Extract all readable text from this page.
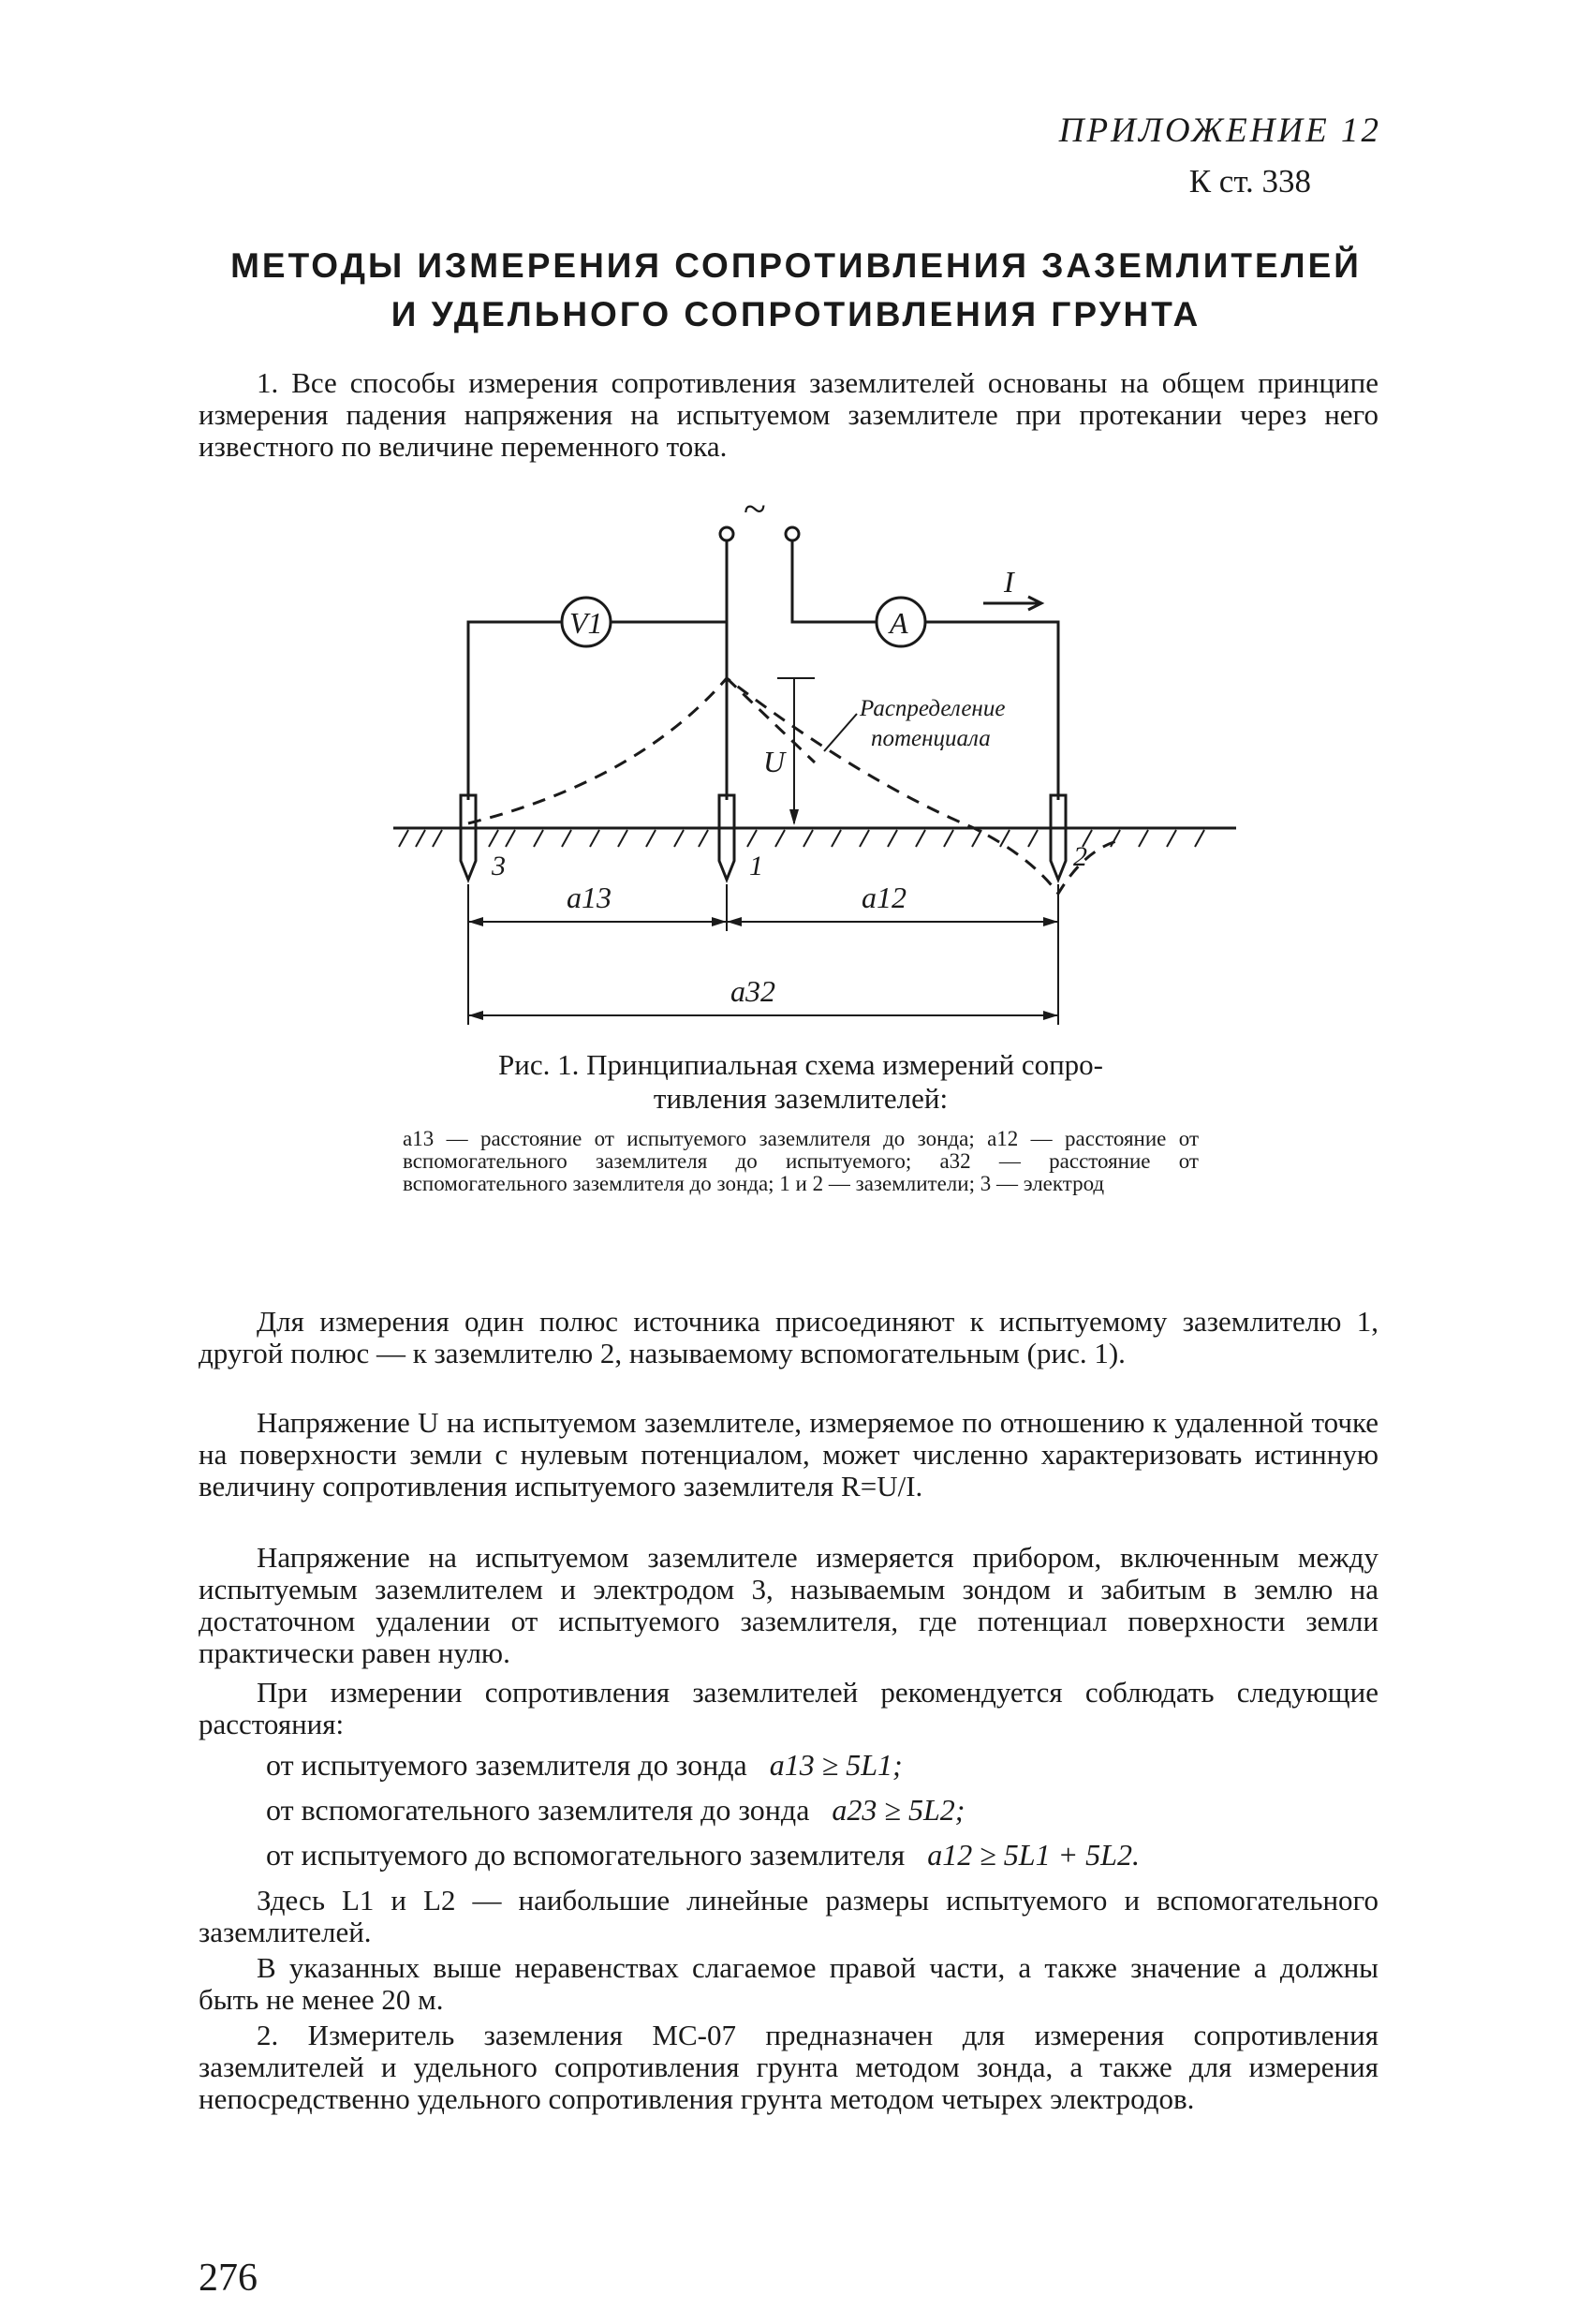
ПРИЛОЖЕНИЕ 12
К ст. 338
МЕТОДЫ ИЗМЕРЕНИЯ СОПРОТИВЛЕНИЯ ЗАЗЕМЛИТЕЛЕЙ
И УДЕЛЬНОГО СОПРОТИВЛЕНИЯ ГРУНТА
1. Все способы измерения сопротивления заземлителей основаны на общем принципе измерения падения напряжения на испытуемом заземлителе при протекании через него известного по величине переменного тока.
~
V1	A
I
U
Распределение
потенциала
3	1	2
a13	a12
a32
Рис. 1. Принципиальная схема измерений сопро-
тивления заземлителей:
a13 — расстояние от испытуемого заземлителя до зонда; a12 — расстояние от вспомогательного заземлителя до испытуемого; a32 — расстояние от вспомогательного заземлителя до зонда; 1 и 2 — заземлители; 3 — электрод
Для измерения один полюс источника присоединяют к испытуемому заземлителю 1, другой полюс — к заземлителю 2, называемому вспомогательным (рис. 1).
Напряжение U на испытуемом заземлителе, измеряемое по отношению к удаленной точке на поверхности земли с нулевым потенциалом, может численно характеризовать истинную величину сопротивления испытуемого заземлителя R=U/I.
Напряжение на испытуемом заземлителе измеряется прибором, включенным между испытуемым заземлителем и электродом 3, называемым зондом и забитым в землю на достаточном удалении от испытуемого заземлителя, где потенциал поверхности земли практически равен нулю.
При измерении сопротивления заземлителей рекомендуется соблюдать следующие расстояния:
от испытуемого заземлителя до зонда a13 ≥ 5L1;
от вспомогательного заземлителя до зонда a23 ≥ 5L2;
от испытуемого до вспомогательного заземлителя a12 ≥ 5L1 + 5L2.
Здесь L1 и L2 — наибольшие линейные размеры испытуемого и вспомогательного заземлителей.
В указанных выше неравенствах слагаемое правой части, а также значение a должны быть не менее 20 м.
2. Измеритель заземления МС-07 предназначен для измерения сопротивления заземлителей и удельного сопротивления грунта методом зонда, а также для измерения непосредственно удельного сопротивления грунта методом четырех электродов.
276
